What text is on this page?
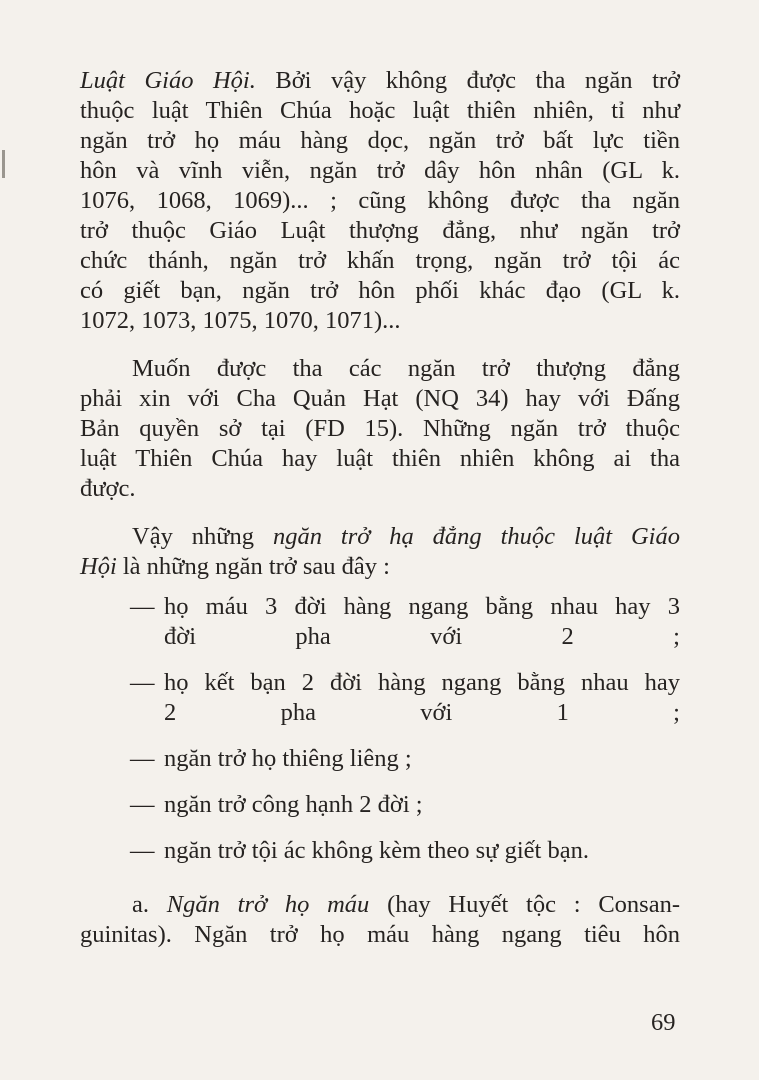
Luật Giáo Hội. Bởi vậy không được tha ngăn trở
thuộc luật Thiên Chúa hoặc luật thiên nhiên, tỉ như
ngăn trở họ máu hàng dọc, ngăn trở bất lực tiền
hôn và vĩnh viễn, ngăn trở dây hôn nhân (GL k.
1076, 1068, 1069)... ; cũng không được tha ngăn
trở thuộc Giáo Luật thượng đẳng, như ngăn trở
chức thánh, ngăn trở khấn trọng, ngăn trở tội ác
có giết bạn, ngăn trở hôn phối khác đạo (GL k.
1072, 1073, 1075, 1070, 1071)...
Muốn được tha các ngăn trở thượng đẳng
phải xin với Cha Quản Hạt (NQ 34) hay với Đấng
Bản quyền sở tại (FD 15). Những ngăn trở thuộc
luật Thiên Chúa hay luật thiên nhiên không ai tha
được.
Vậy những ngăn trở hạ đẳng thuộc luật Giáo
Hội là những ngăn trở sau đây :
— họ máu 3 đời hàng ngang bằng nhau hay 3
đời pha với 2 ;
— họ kết bạn 2 đời hàng ngang bằng nhau hay
2 pha với 1 ;
— ngăn trở họ thiêng liêng ;
— ngăn trở công hạnh 2 đời ;
— ngăn trở tội ác không kèm theo sự giết bạn.
a. Ngăn trở họ máu (hay Huyết tộc : Consan-
guinitas). Ngăn trở họ máu hàng ngang tiêu hôn
69
